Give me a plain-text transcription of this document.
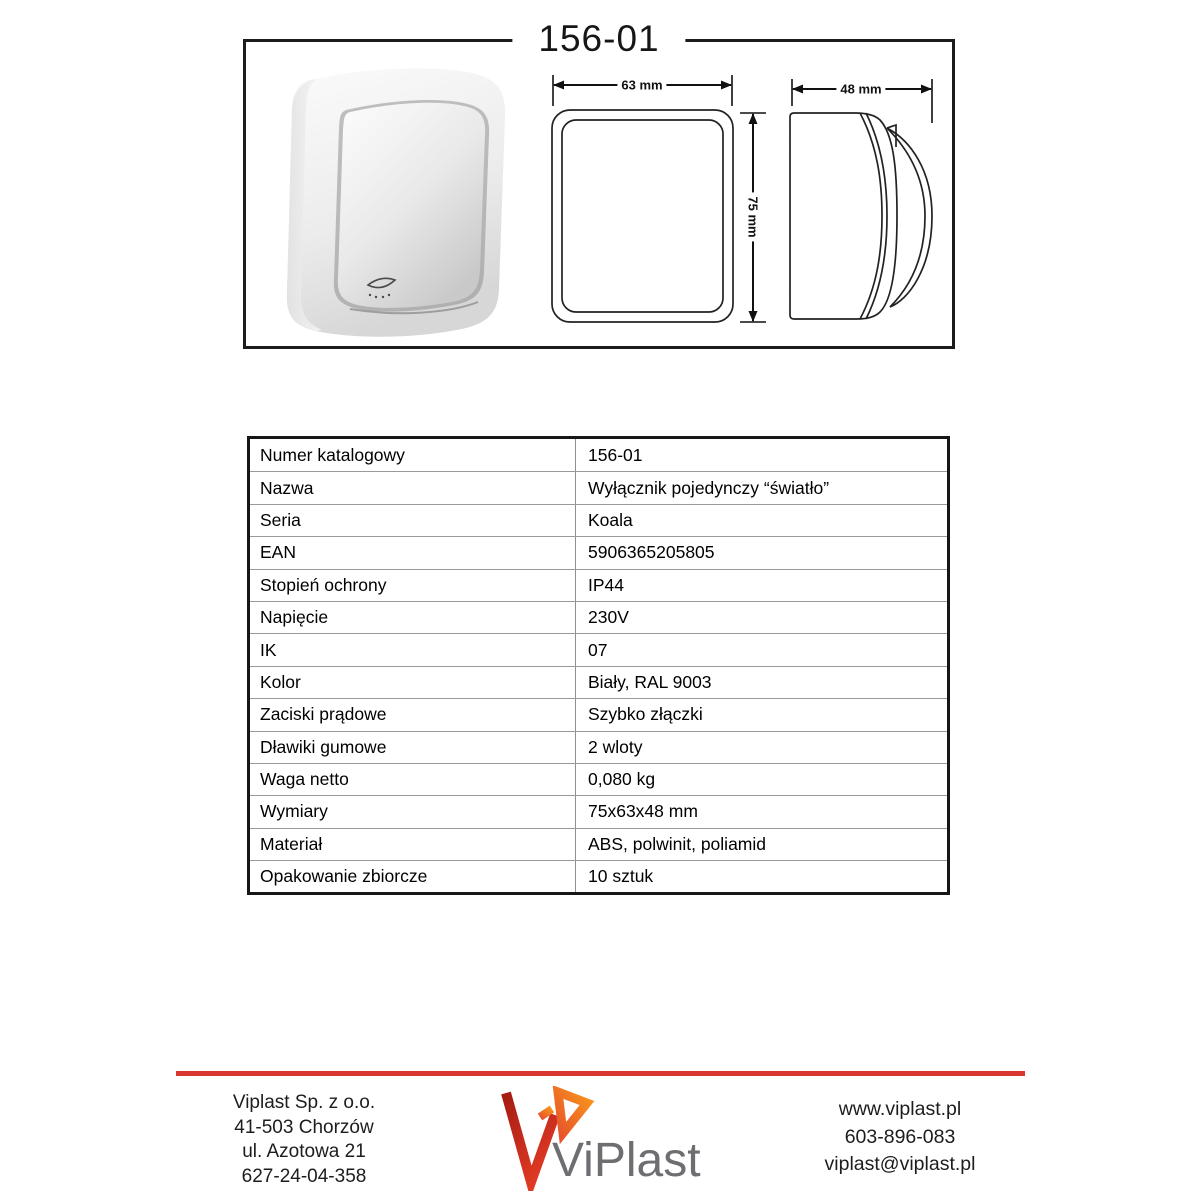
156-01
63 mm
75 mm
48 mm
Numer katalogowy	156-01
Nazwa	Wyłącznik pojedynczy “światło”
Seria	Koala
EAN	5906365205805
Stopień ochrony	IP44
Napięcie	230V
IK	07
Kolor	Biały, RAL 9003
Zaciski prądowe	Szybko złączki
Dławiki gumowe	2 wloty
Waga netto	0,080 kg
Wymiary	75x63x48 mm
Materiał	ABS, polwinit, poliamid
Opakowanie zbiorcze	10 sztuk
Viplast Sp. z o.o.
41-503 Chorzów
ul. Azotowa 21
627-24-04-358	ViPlast
www.viplast.pl
603-896-083
viplast@viplast.pl
